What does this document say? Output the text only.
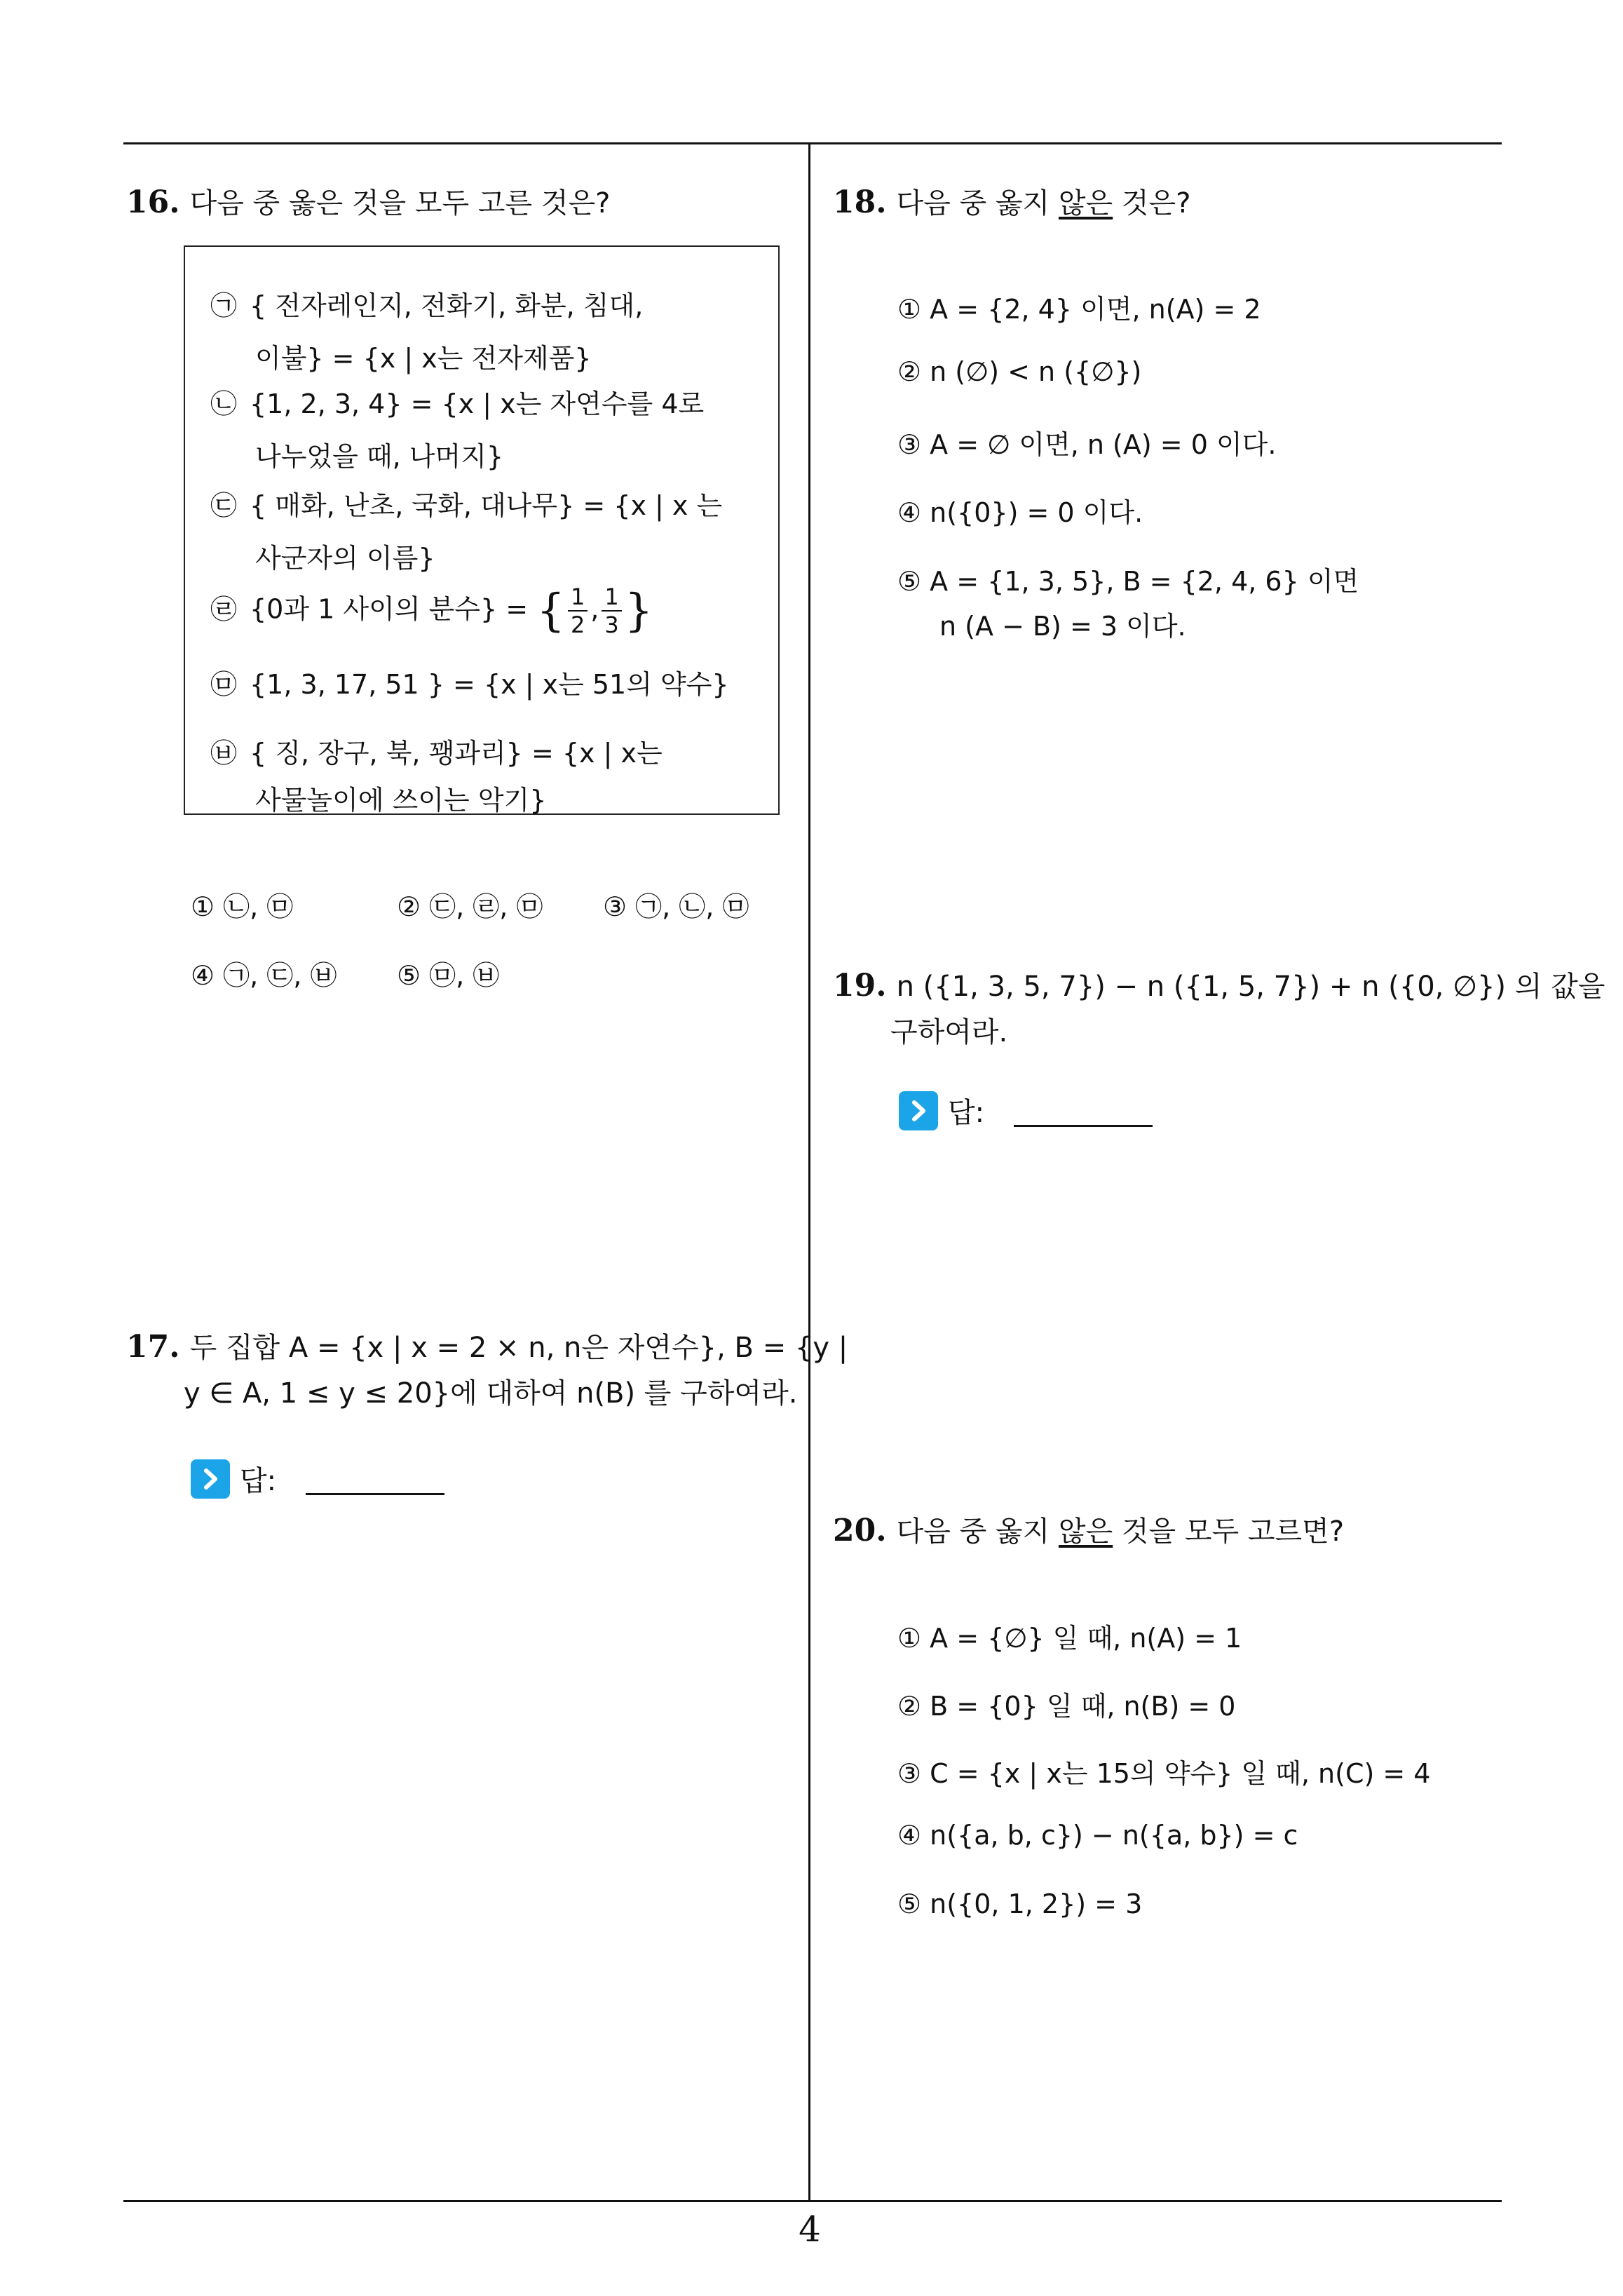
16. 다음 중 옳은 것을 모두 고른 것은?
㉠ { 전자레인지, 전화기, 화분, 침대,
이불} = {x | x는 전자제품}
㉡ {1, 2, 3, 4} = {x | x는 자연수를 4로
나누었을 때, 나머지}
㉢ { 매화, 난초, 국화, 대나무} = {x | x 는
사군자의 이름}
㉣ {0과 1 사이의 분수} = { $\frac{1}{2}$ , $\frac{1}{3}$ }
㉤ {1, 3, 17, 51 } = {x | x는 51의 약수}
㉥ { 징, 장구, 북, 꽹과리} = {x | x는
사물놀이에 쓰이는 악기}
① ㉡, ㉤	② ㉢, ㉣, ㉤ ③ ㉠, ㉡, ㉤
④ ㉠, ㉢, ㉥ ⑤ ㉤, ㉥
17. 두 집합 A = {x | x = 2 × n, n은 자연수}, B = {y |
y ∈ A, 1 ≤ y ≤ 20}에 대하여 n(B) 를 구하여라.
답:
18. 다음 중 옳지 않은 것은?
① A = {2, 4} 이면, n(A) = 2
② n (∅) < n ({∅})
③ A = ∅ 이면, n (A) = 0 이다.
④ n({0}) = 0 이다.
⑤ A = {1, 3, 5}, B = {2, 4, 6} 이면
n (A − B) = 3 이다.
19. n ({1, 3, 5, 7}) − n ({1, 5, 7}) + n ({0, ∅}) 의 값을
구하여라.
답:
20. 다음 중 옳지 않은 것을 모두 고르면?
① A = {∅} 일 때, n(A) = 1
② B = {0} 일 때, n(B) = 0
③ C = {x | x는 15의 약수} 일 때, n(C) = 4
④ n({a, b, c}) − n({a, b}) = c
⑤ n({0, 1, 2}) = 3
4
